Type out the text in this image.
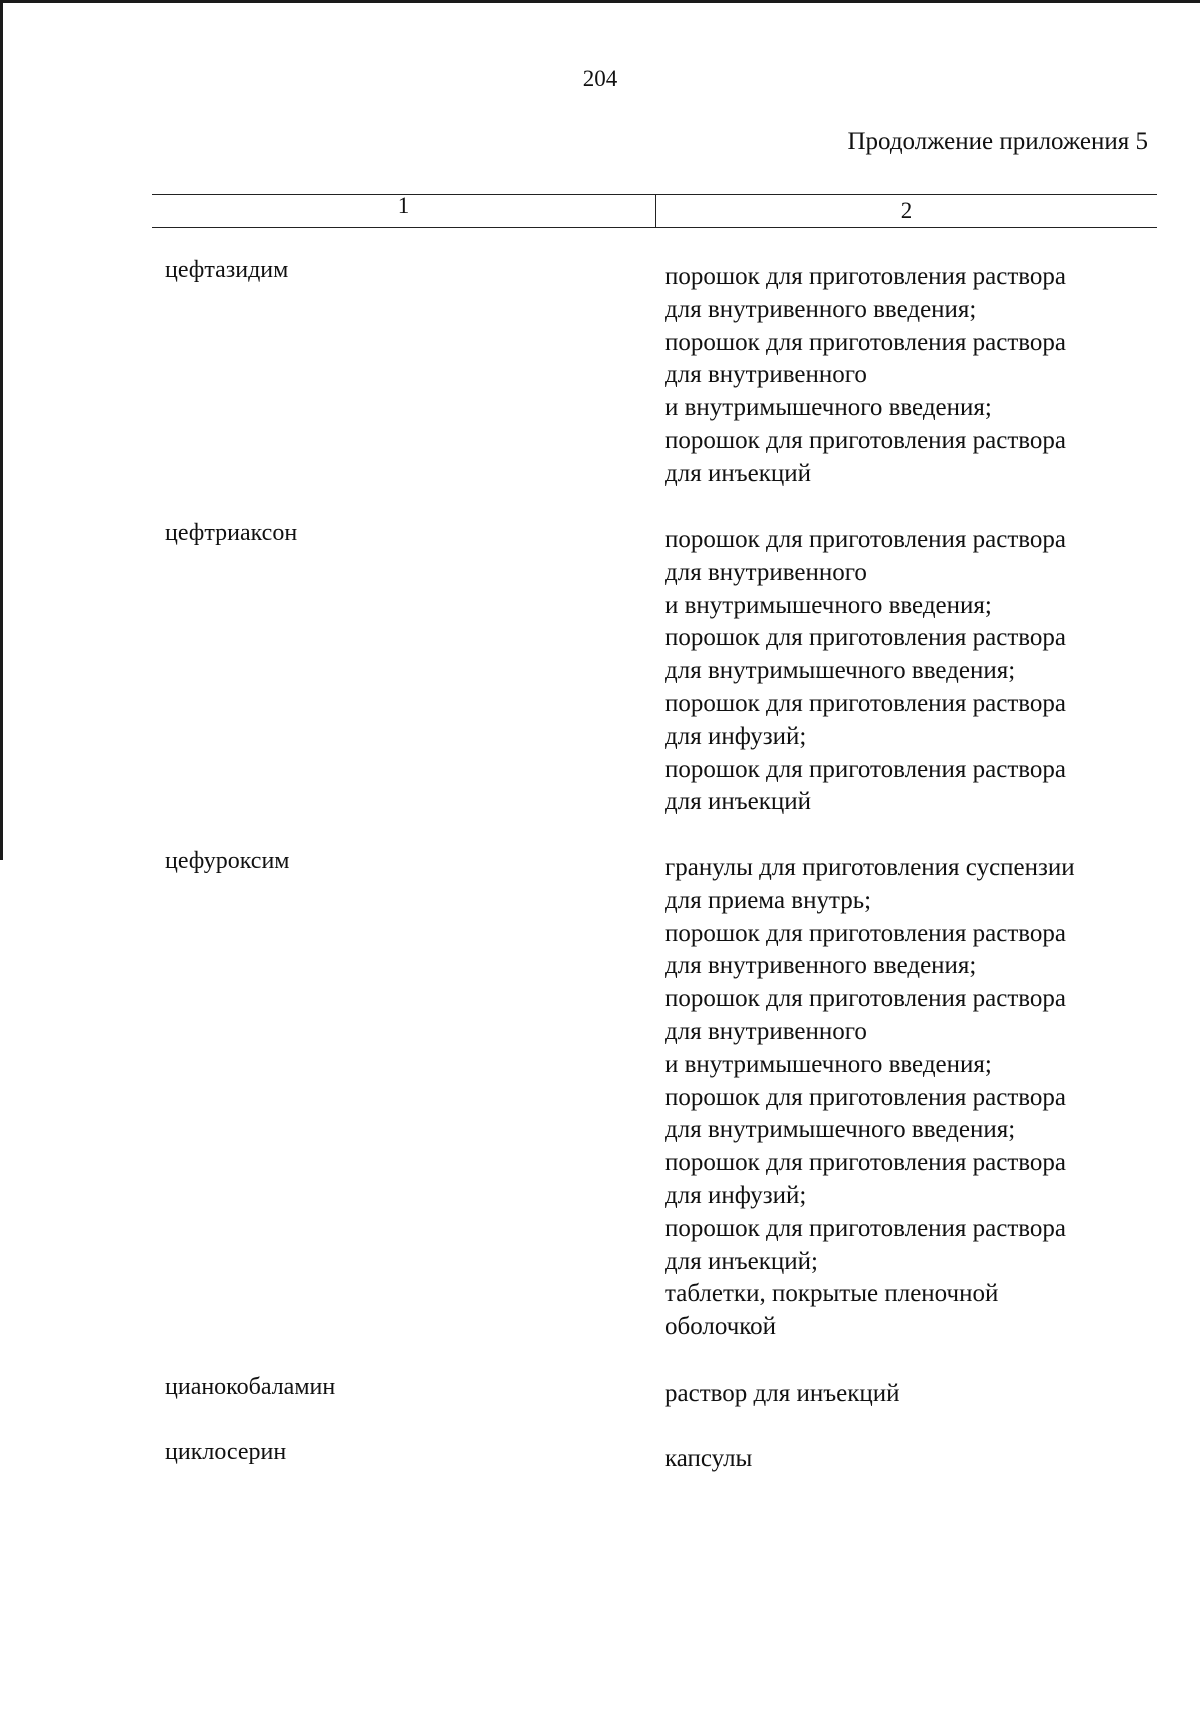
204
Продолжение приложения 5
1	2
цефтазидим	порошок для приготовления раствора
для внутривенного введения;
порошок для приготовления раствора
для внутривенного
и внутримышечного введения;
порошок для приготовления раствора
для инъекций
цефтриаксон	порошок для приготовления раствора
для внутривенного
и внутримышечного введения;
порошок для приготовления раствора
для внутримышечного введения;
порошок для приготовления раствора
для инфузий;
порошок для приготовления раствора
для инъекций
цефуроксим	гранулы для приготовления суспензии
для приема внутрь;
порошок для приготовления раствора
для внутривенного введения;
порошок для приготовления раствора
для внутривенного
и внутримышечного введения;
порошок для приготовления раствора
для внутримышечного введения;
порошок для приготовления раствора
для инфузий;
порошок для приготовления раствора
для инъекций;
таблетки, покрытые пленочной
оболочкой
цианокобаламин	раствор для инъекций
циклосерин	капсулы
